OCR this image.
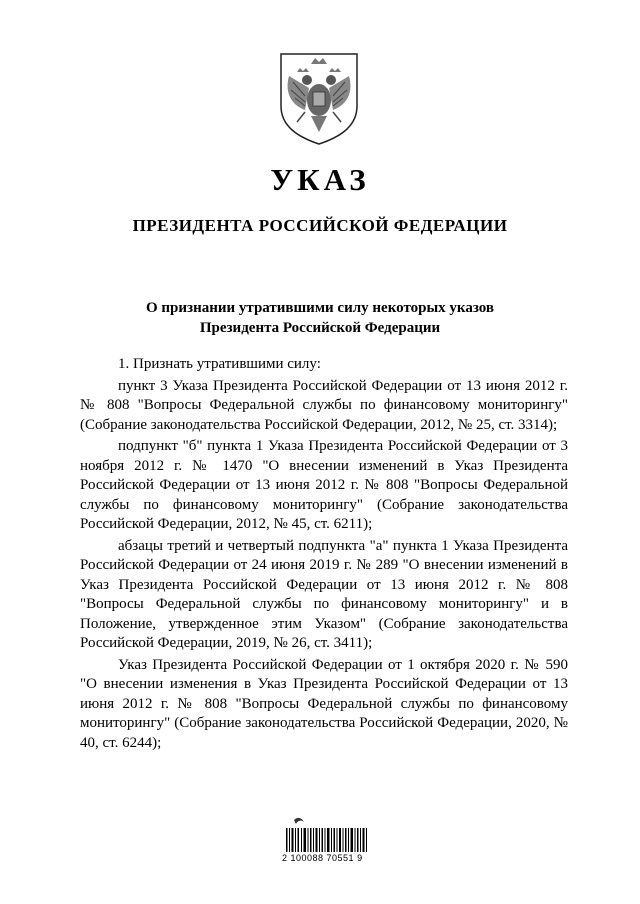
УКАЗ
ПРЕЗИДЕНТА РОССИЙСКОЙ ФЕДЕРАЦИИ
О признании утратившими силу некоторых указов
Президента Российской Федерации

1. Признать утратившими силу:

пункт 3 Указа Президента Российской Федерации от 13 июня 2012 г. № 808 "Вопросы Федеральной службы по финансовому мониторингу" (Собрание законодательства Российской Федерации, 2012, № 25, ст. 3314);

подпункт "б" пункта 1 Указа Президента Российской Федерации от 3 ноября 2012 г. № 1470 "О внесении изменений в Указ Президента Российской Федерации от 13 июня 2012 г. № 808 "Вопросы Федеральной службы по финансовому мониторингу" (Собрание законодательства Российской Федерации, 2012, № 45, ст. 6211);

абзацы третий и четвертый подпункта "а" пункта 1 Указа Президента Российской Федерации от 24 июня 2019 г. № 289 "О внесении изменений в Указ Президента Российской Федерации от 13 июня 2012 г. № 808 "Вопросы Федеральной службы по финансовому мониторингу" и в Положение, утвержденное этим Указом" (Собрание законодательства Российской Федерации, 2019, № 26, ст. 3411);

Указ Президента Российской Федерации от 1 октября 2020 г. № 590 "О внесении изменения в Указ Президента Российской Федерации от 13 июня 2012 г. № 808 "Вопросы Федеральной службы по финансовому мониторингу" (Собрание законодательства Российской Федерации, 2020, № 40, ст. 6244);

2 100088 70551 9
